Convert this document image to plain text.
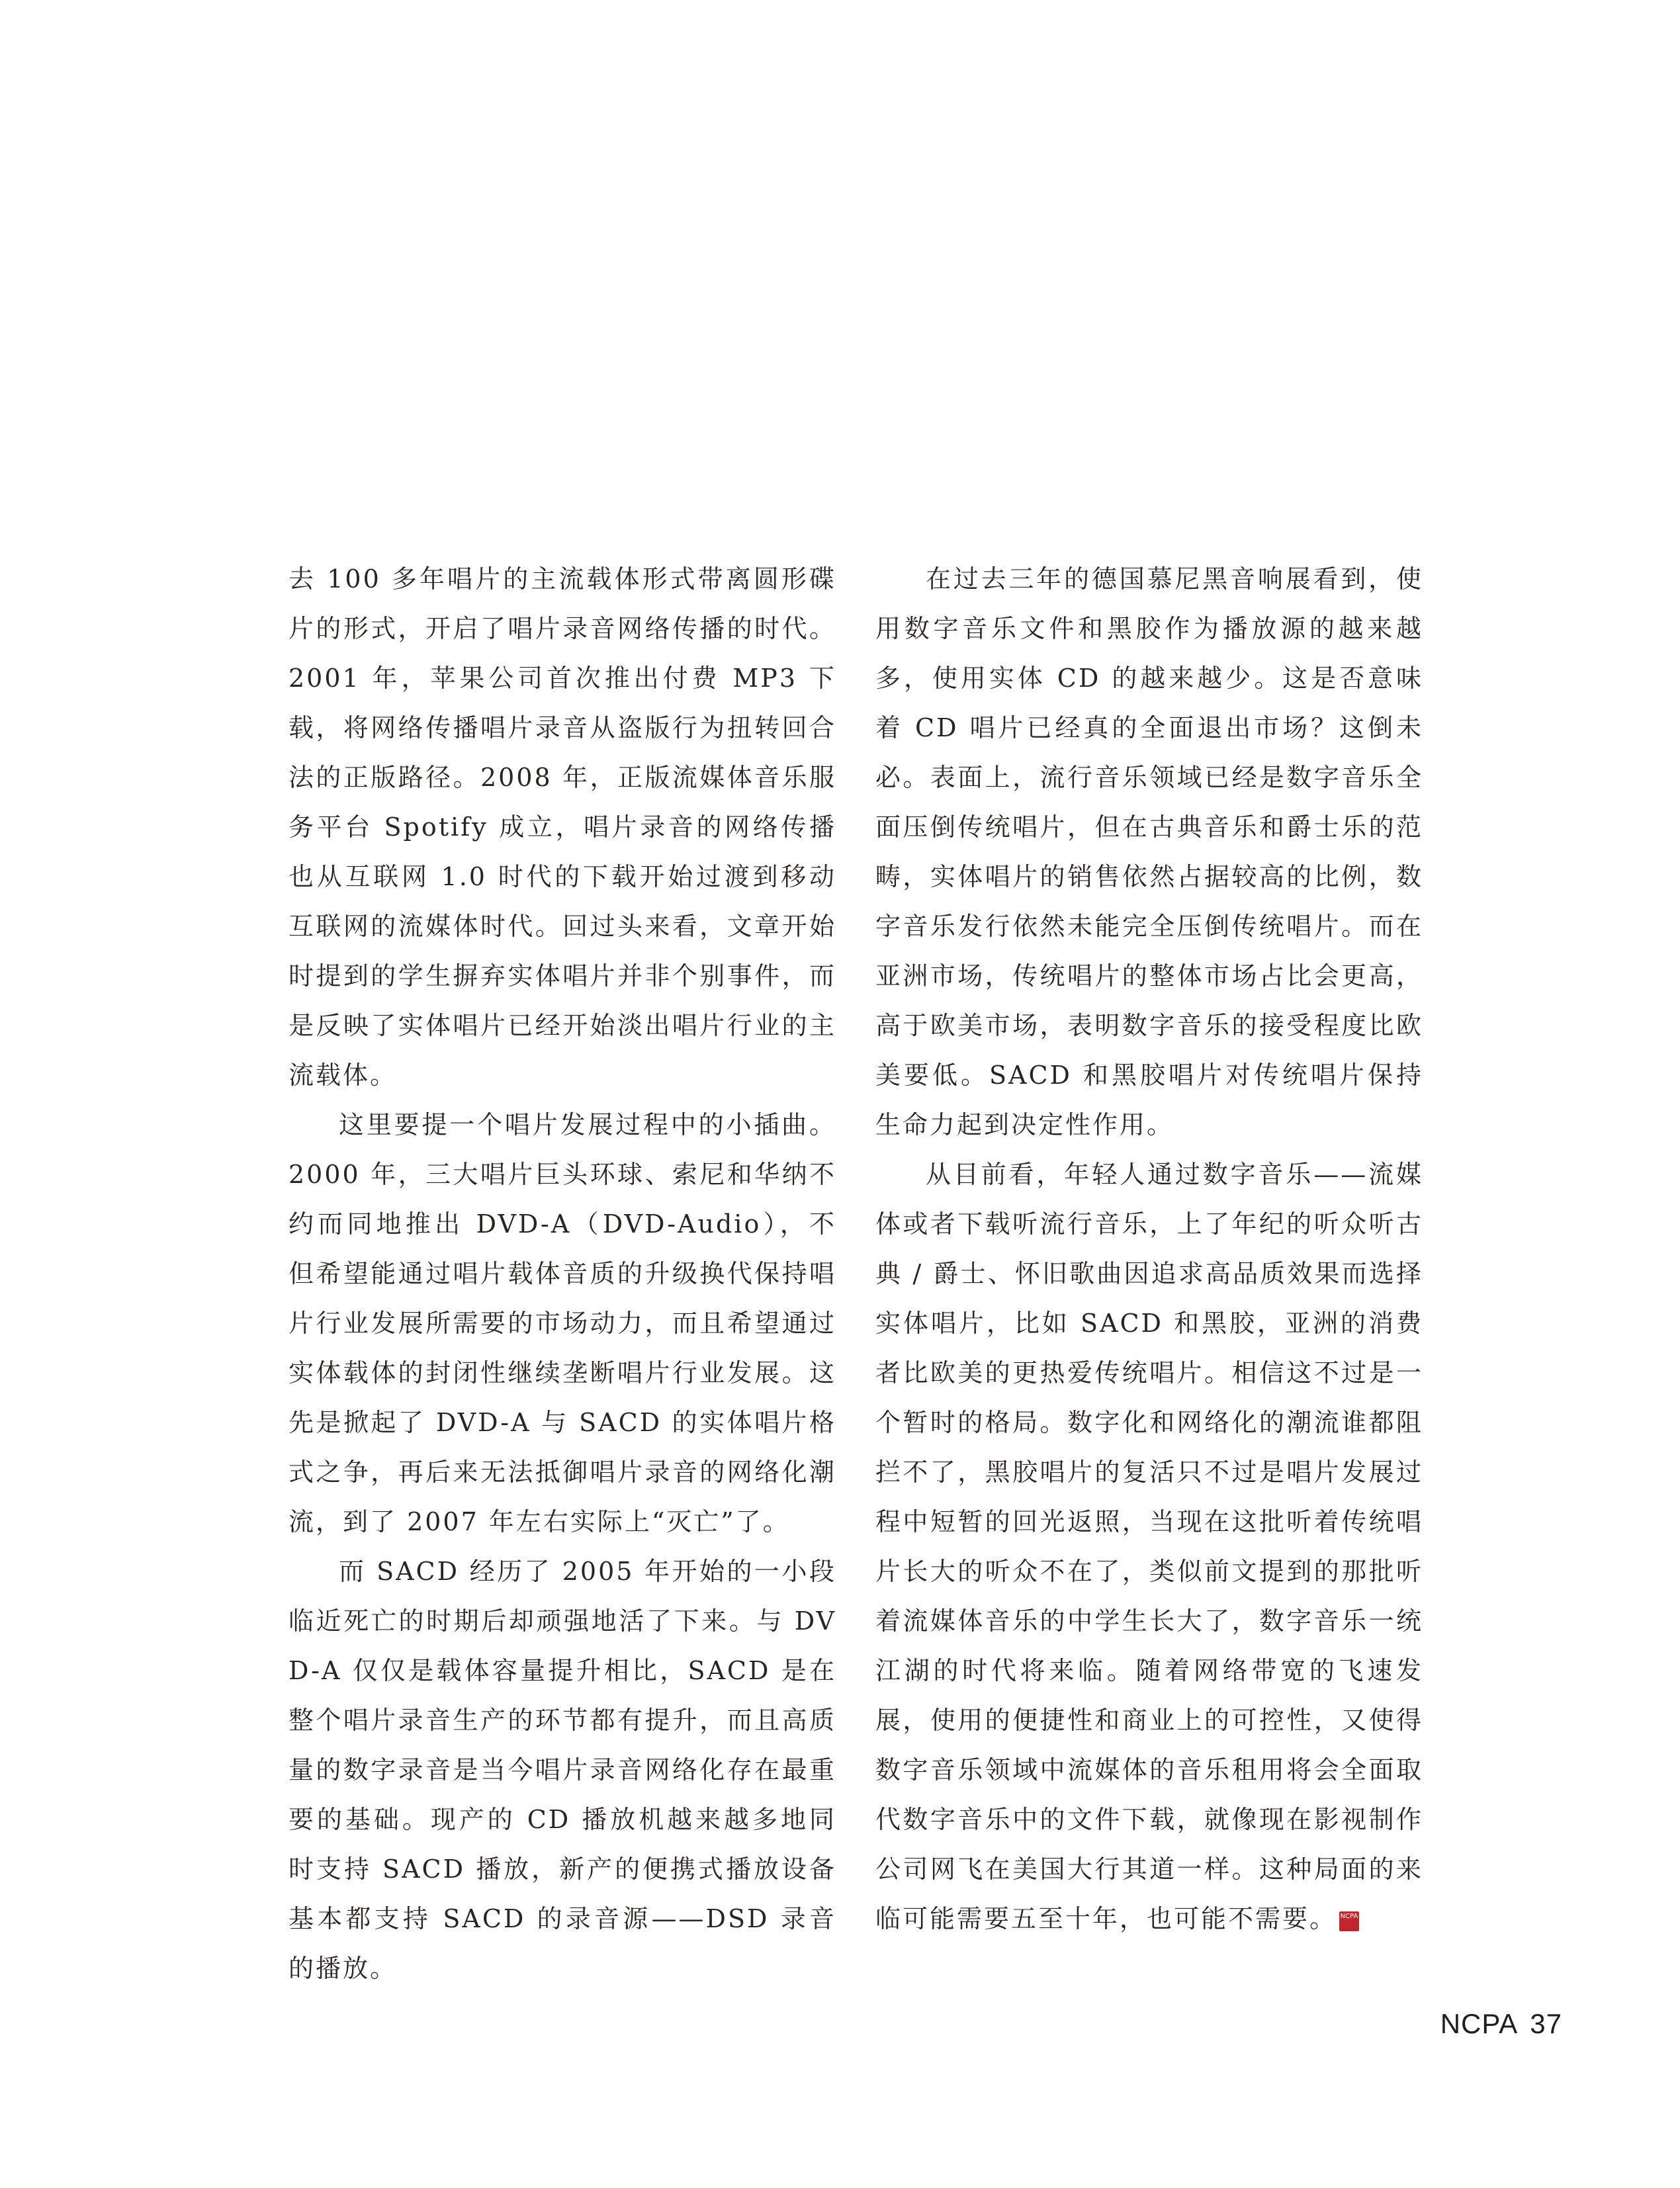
去 100 多年唱片的主流载体形式带离圆形碟片的形式，开启了唱片录音网络传播的时代。2001 年，苹果公司首次推出付费 MP3 下载，将网络传播唱片录音从盗版行为扭转回合法的正版路径。2008 年，正版流媒体音乐服务平台 Spotify 成立，唱片录音的网络传播也从互联网 1.0 时代的下载开始过渡到移动互联网的流媒体时代。回过头来看，文章开始时提到的学生摒弃实体唱片并非个别事件，而是反映了实体唱片已经开始淡出唱片行业的主流载体。

这里要提一个唱片发展过程中的小插曲。2000 年，三大唱片巨头环球、索尼和华纳不约而同地推出 DVD-A（DVD-Audio），不但希望能通过唱片载体音质的升级换代保持唱片行业发展所需要的市场动力，而且希望通过实体载体的封闭性继续垄断唱片行业发展。这先是掀起了 DVD-A 与 SACD 的实体唱片格式之争，再后来无法抵御唱片录音的网络化潮流，到了 2007 年左右实际上“灭亡”了。

而 SACD 经历了 2005 年开始的一小段临近死亡的时期后却顽强地活了下来。与 DVD-A 仅仅是载体容量提升相比，SACD 是在整个唱片录音生产的环节都有提升，而且高质量的数字录音是当今唱片录音网络化存在最重要的基础。现产的 CD 播放机越来越多地同时支持 SACD 播放，新产的便携式播放设备基本都支持 SACD 的录音源——DSD 录音的播放。

在过去三年的德国慕尼黑音响展看到，使用数字音乐文件和黑胶作为播放源的越来越多，使用实体 CD 的越来越少。这是否意味着 CD 唱片已经真的全面退出市场？这倒未必。表面上，流行音乐领域已经是数字音乐全面压倒传统唱片，但在古典音乐和爵士乐的范畴，实体唱片的销售依然占据较高的比例，数字音乐发行依然未能完全压倒传统唱片。而在亚洲市场，传统唱片的整体市场占比会更高，高于欧美市场，表明数字音乐的接受程度比欧美要低。SACD 和黑胶唱片对传统唱片保持生命力起到决定性作用。

从目前看，年轻人通过数字音乐——流媒体或者下载听流行音乐，上了年纪的听众听古典 / 爵士、怀旧歌曲因追求高品质效果而选择实体唱片，比如 SACD 和黑胶，亚洲的消费者比欧美的更热爱传统唱片。相信这不过是一个暂时的格局。数字化和网络化的潮流谁都阻拦不了，黑胶唱片的复活只不过是唱片发展过程中短暂的回光返照，当现在这批听着传统唱片长大的听众不在了，类似前文提到的那批听着流媒体音乐的中学生长大了，数字音乐一统江湖的时代将来临。随着网络带宽的飞速发展，使用的便捷性和商业上的可控性，又使得数字音乐领域中流媒体的音乐租用将会全面取代数字音乐中的文件下载，就像现在影视制作公司网飞在美国大行其道一样。这种局面的来临可能需要五至十年，也可能不需要。 NCPA

NCPA 37
